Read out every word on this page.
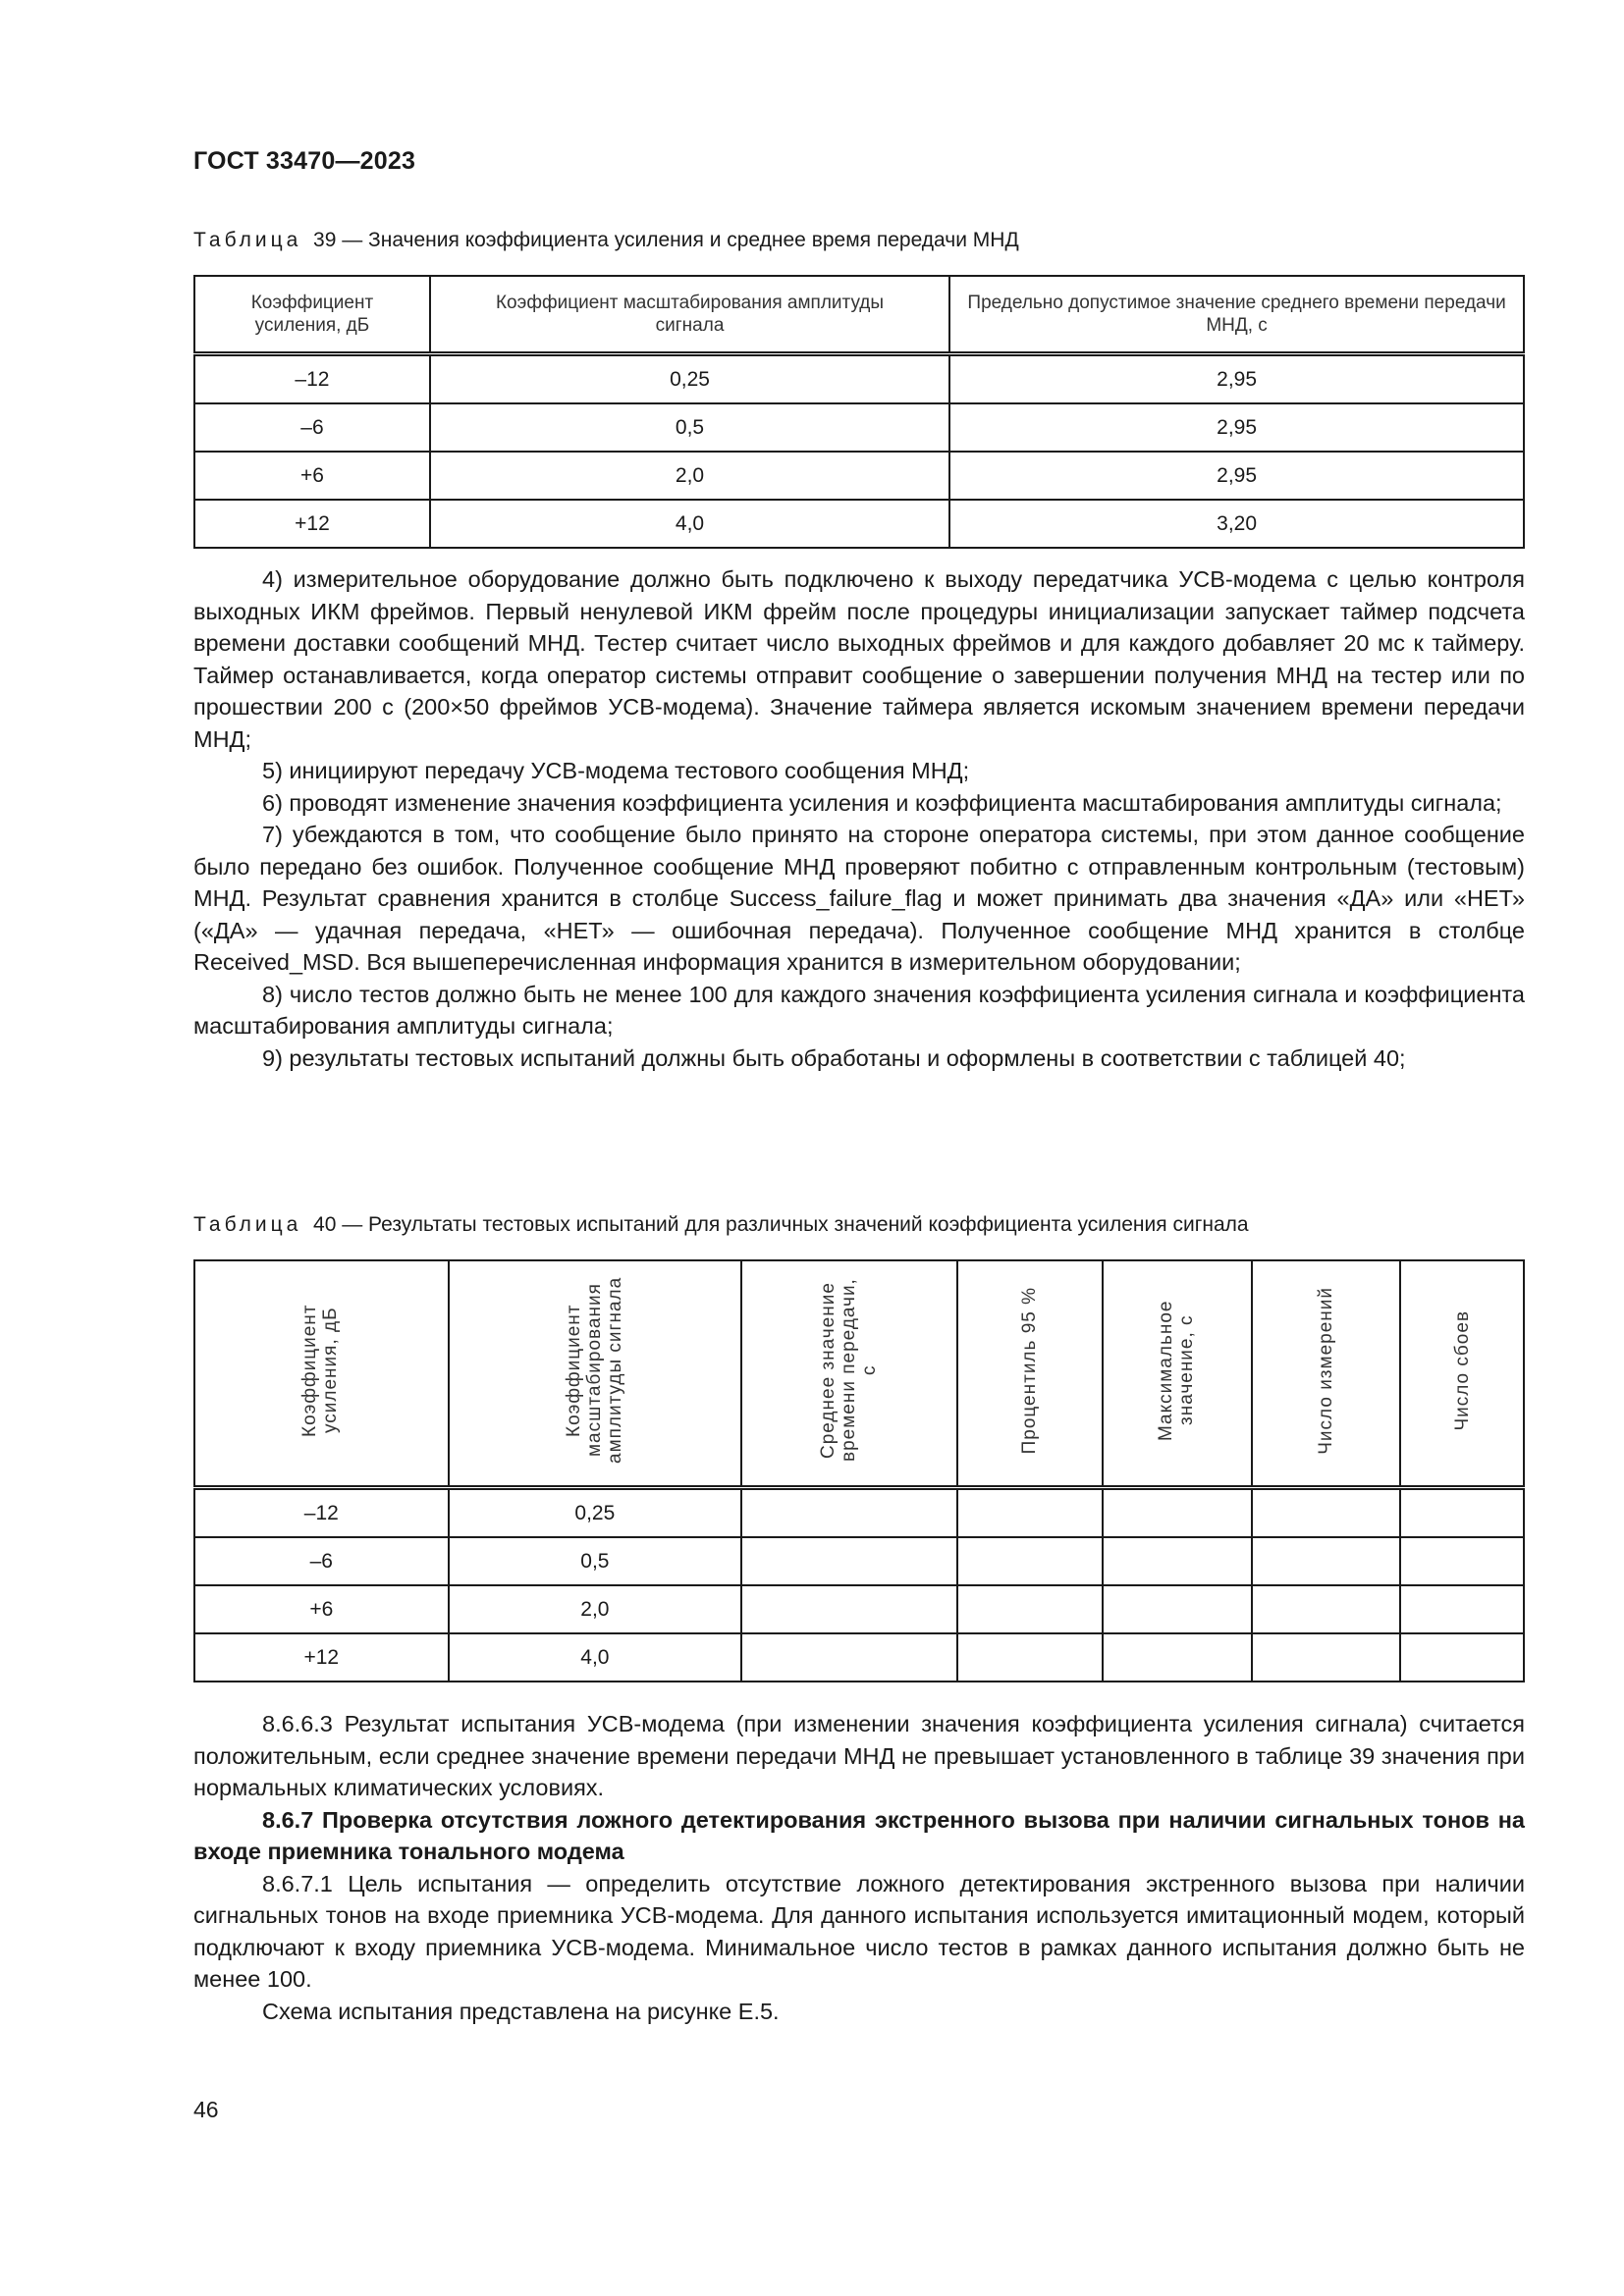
ГОСТ 33470—2023
Таблица 39 — Значения коэффициента усиления и среднее время передачи МНД
Коэффициент усиления, дБ	Коэффициент масштабирования амплитуды сигнала	Предельно допустимое значение среднего времени передачи МНД, с
–12	0,25	2,95
–6	0,5	2,95
+6	2,0	2,95
+12	4,0	3,20

4) измерительное оборудование должно быть подключено к выходу передатчика УСВ-модема с целью контроля выходных ИКМ фреймов. Первый ненулевой ИКМ фрейм после процедуры инициализации запускает таймер подсчета времени доставки сообщений МНД. Тестер считает число выходных фреймов и для каждого добавляет 20 мс к таймеру. Таймер останавливается, когда оператор системы отправит сообщение о завершении получения МНД на тестер или по прошествии 200 с (200×50 фреймов УСВ-модема). Значение таймера является искомым значением времени передачи МНД;

5) инициируют передачу УСВ-модема тестового сообщения МНД;

6) проводят изменение значения коэффициента усиления и коэффициента масштабирования амплитуды сигнала;

7) убеждаются в том, что сообщение было принято на стороне оператора системы, при этом данное сообщение было передано без ошибок. Полученное сообщение МНД проверяют побитно с отправленным контрольным (тестовым) МНД. Результат сравнения хранится в столбце Success_failure_flag и может принимать два значения «ДА» или «НЕТ» («ДА» — удачная передача, «НЕТ» — ошибочная передача). Полученное сообщение МНД хранится в столбце Received_MSD. Вся вышеперечисленная информация хранится в измерительном оборудовании;

8) число тестов должно быть не менее 100 для каждого значения коэффициента усиления сигнала и коэффициента масштабирования амплитуды сигнала;

9) результаты тестовых испытаний должны быть обработаны и оформлены в соответствии с таблицей 40;

Таблица 40 — Результаты тестовых испытаний для различных значений коэффициента усиления сигнала
Коэффициент усиления, дБ	Коэффициент масштабирования амплитуды сигнала	Среднее значение времени передачи, с	Процентиль 95 %	Максимальное значение, с	Число измерений	Число сбоев
–12	0,25					
–6	0,5					
+6	2,0					
+12	4,0					

8.6.6.3 Результат испытания УСВ-модема (при изменении значения коэффициента усиления сигнала) считается положительным, если среднее значение времени передачи МНД не превышает установленного в таблице 39 значения при нормальных климатических условиях.

8.6.7 Проверка отсутствия ложного детектирования экстренного вызова при наличии сигнальных тонов на входе приемника тонального модема

8.6.7.1 Цель испытания — определить отсутствие ложного детектирования экстренного вызова при наличии сигнальных тонов на входе приемника УСВ-модема. Для данного испытания используется имитационный модем, который подключают к входу приемника УСВ-модема. Минимальное число тестов в рамках данного испытания должно быть не менее 100.

Схема испытания представлена на рисунке Е.5.

46
